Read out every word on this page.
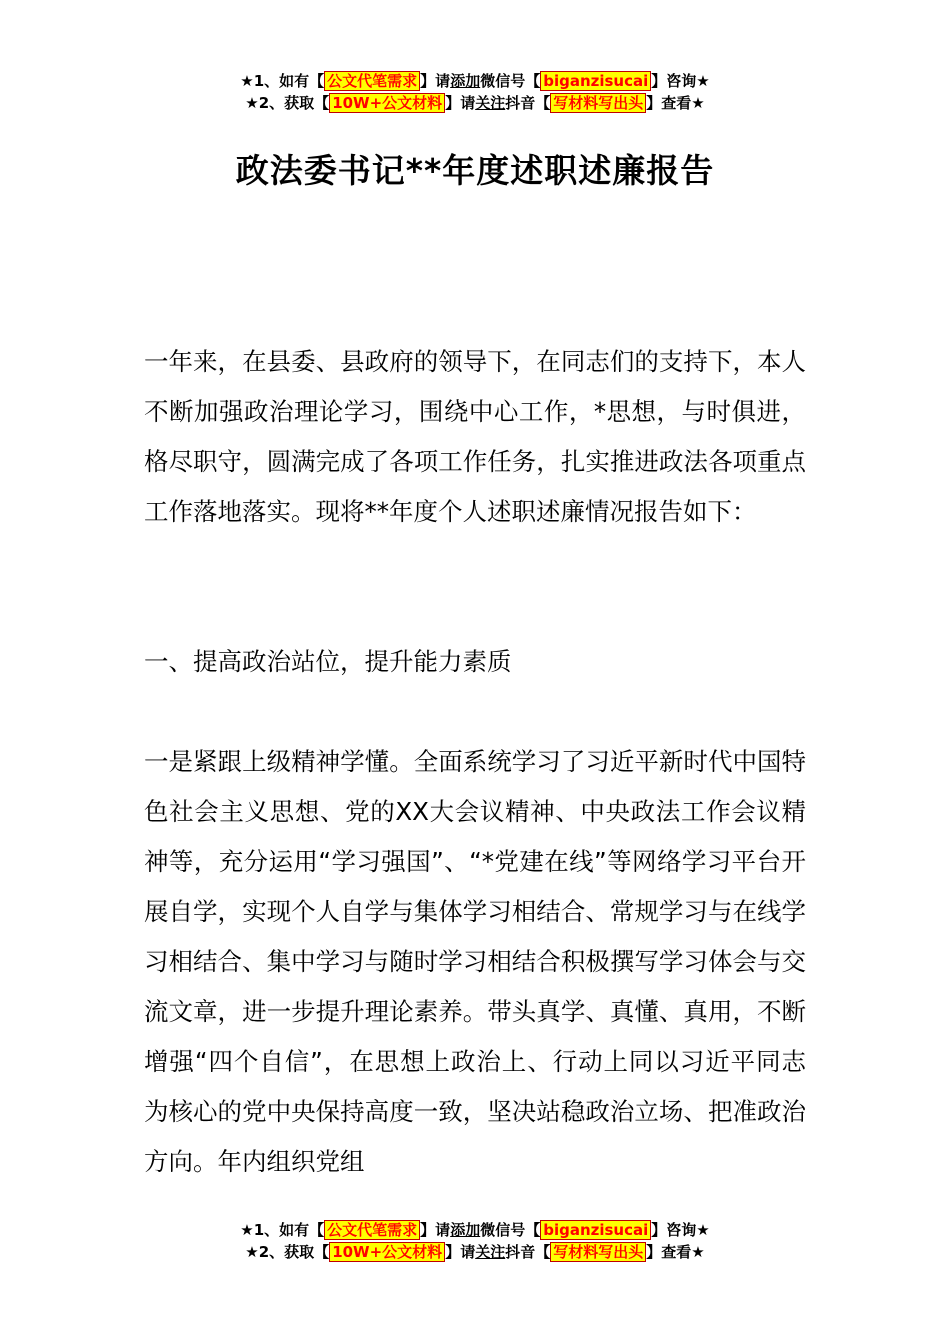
★1、如有【 公文代笔需求 】请添加微信号【 biganzisucai 】咨询★
★2、获取【 10W+公文材料 】请关注抖音【 写材料写出头 】查看★
政法委书记**年度述职述廉报告

一年来，在县委、县政府的领导下，在同志们的支持下，本人不断加强政治理论学习，围绕中心工作，*思想，与时俱进，格尽职守，圆满完成了各项工作任务，扎实推进政法各项重点工作落地落实。现将**年度个人述职述廉情况报告如下：

一、提高政治站位，提升能力素质

一是紧跟上级精神学懂。全面系统学习了习近平新时代中国特色社会主义思想、党的XX大会议精神、中央政法工作会议精神等，充分运用“学习强国”、“*党建在线”等网络学习平台开展自学，实现个人自学与集体学习相结合、常规学习与在线学习相结合、集中学习与随时学习相结合积极撰写学习体会与交流文章，进一步提升理论素养。带头真学、真懂、真用，不断增强“四个自信”，在思想上政治上、行动上同以习近平同志为核心的党中央保持高度一致，坚决站稳政治立场、把准政治方向。年内组织党组

★1、如有【 公文代笔需求 】请添加微信号【 biganzisucai 】咨询★
★2、获取【 10W+公文材料 】请关注抖音【 写材料写出头 】查看★
